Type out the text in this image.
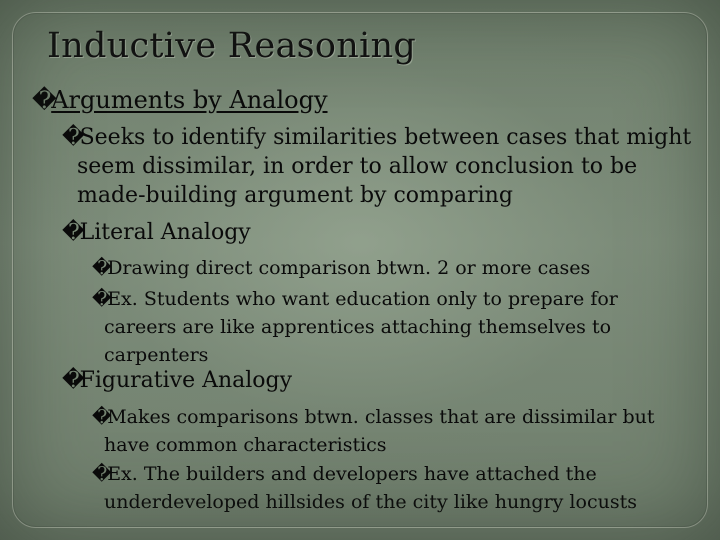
Inductive Reasoning

�Arguments by Analogy

�Seeks to identify similarities between cases that might
seem dissimilar, in order to allow conclusion to be
made-building argument by comparing

�Literal Analogy

�Drawing direct comparison btwn. 2 or more cases

�Ex. Students who want education only to prepare for
careers are like apprentices attaching themselves to
carpenters

�Figurative Analogy

�Makes comparisons btwn. classes that are dissimilar but
have common characteristics

�Ex. The builders and developers have attached the
underdeveloped hillsides of the city like hungry locusts
